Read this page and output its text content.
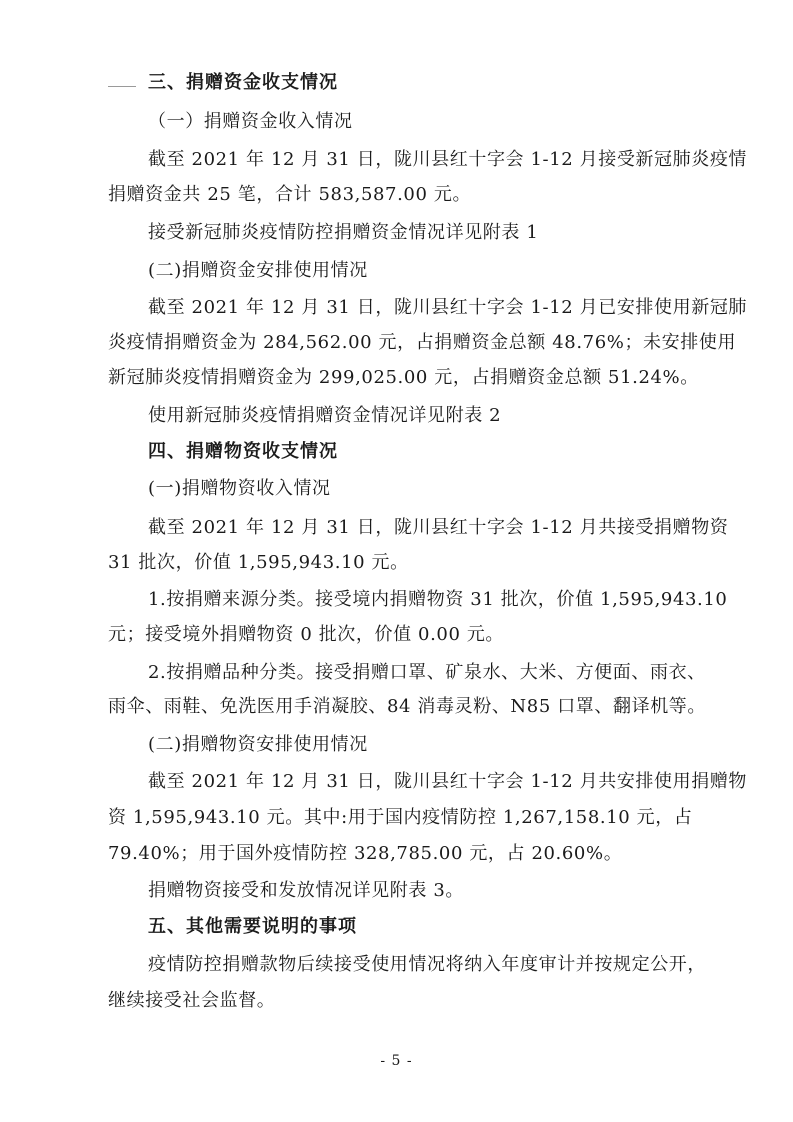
三、捐赠资金收支情况
（一）捐赠资金收入情况
截至 2021 年 12 月 31 日，陇川县红十字会 1-12 月接受新冠肺炎疫情
捐赠资金共 25 笔，合计 583,587.00 元。
接受新冠肺炎疫情防控捐赠资金情况详见附表 1
(二)捐赠资金安排使用情况
截至 2021 年 12 月 31 日，陇川县红十字会 1-12 月已安排使用新冠肺
炎疫情捐赠资金为 284,562.00 元，占捐赠资金总额 48.76%；未安排使用
新冠肺炎疫情捐赠资金为 299,025.00 元，占捐赠资金总额 51.24%。
使用新冠肺炎疫情捐赠资金情况详见附表 2
四、捐赠物资收支情况
(一)捐赠物资收入情况
截至 2021 年 12 月 31 日，陇川县红十字会 1-12 月共接受捐赠物资
31 批次，价值 1,595,943.10 元。
1.按捐赠来源分类。接受境内捐赠物资 31 批次，价值 1,595,943.10
元；接受境外捐赠物资 0 批次，价值 0.00 元。
2.按捐赠品种分类。接受捐赠口罩、矿泉水、大米、方便面、雨衣、
雨伞、雨鞋、免洗医用手消凝胶、84 消毒灵粉、N85 口罩、翻译机等。
(二)捐赠物资安排使用情况
截至 2021 年 12 月 31 日，陇川县红十字会 1-12 月共安排使用捐赠物
资 1,595,943.10 元。其中:用于国内疫情防控 1,267,158.10 元，占
79.40%；用于国外疫情防控 328,785.00 元，占 20.60%。
捐赠物资接受和发放情况详见附表 3。
五、其他需要说明的事项
疫情防控捐赠款物后续接受使用情况将纳入年度审计并按规定公开，
继续接受社会监督。
- 5 -
